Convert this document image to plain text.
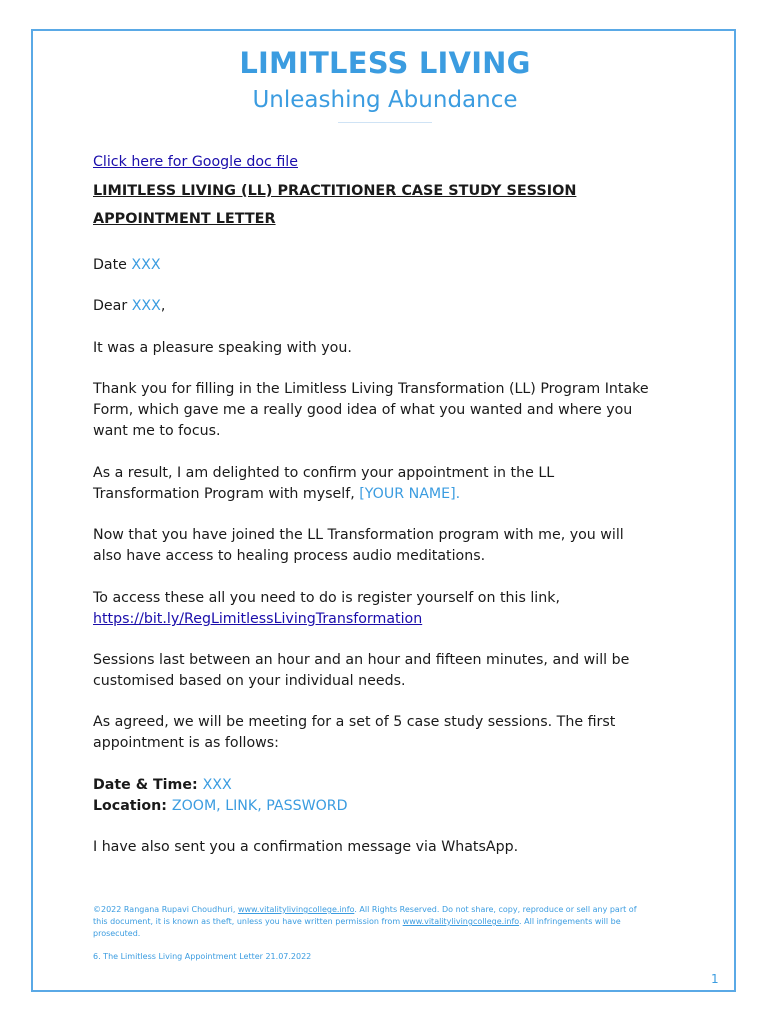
LIMITLESS LIVING
Unleashing Abundance
Click here for Google doc file
LIMITLESS LIVING (LL) PRACTITIONER CASE STUDY SESSION
APPOINTMENT LETTER
Date XXX
Dear XXX,
It was a pleasure speaking with you.
Thank you for filling in the Limitless Living Transformation (LL) Program Intake
Form, which gave me a really good idea of what you wanted and where you
want me to focus.
As a result, I am delighted to confirm your appointment in the LL
Transformation Program with myself, [YOUR NAME].
Now that you have joined the LL Transformation program with me, you will
also have access to healing process audio meditations.
To access these all you need to do is register yourself on this link,
https://bit.ly/RegLimitlessLivingTransformation
Sessions last between an hour and an hour and fifteen minutes, and will be
customised based on your individual needs.
As agreed, we will be meeting for a set of 5 case study sessions. The first
appointment is as follows:
Date & Time: XXX
Location: ZOOM, LINK, PASSWORD
I have also sent you a confirmation message via WhatsApp.
©2022 Rangana Rupavi Choudhuri, www.vitalitylivingcollege.info. All Rights Reserved. Do not share, copy, reproduce or sell any part of
this document, it is known as theft, unless you have written permission from www.vitalitylivingcollege.info. All infringements will be
prosecuted.
6. The Limitless Living Appointment Letter 21.07.2022
1
